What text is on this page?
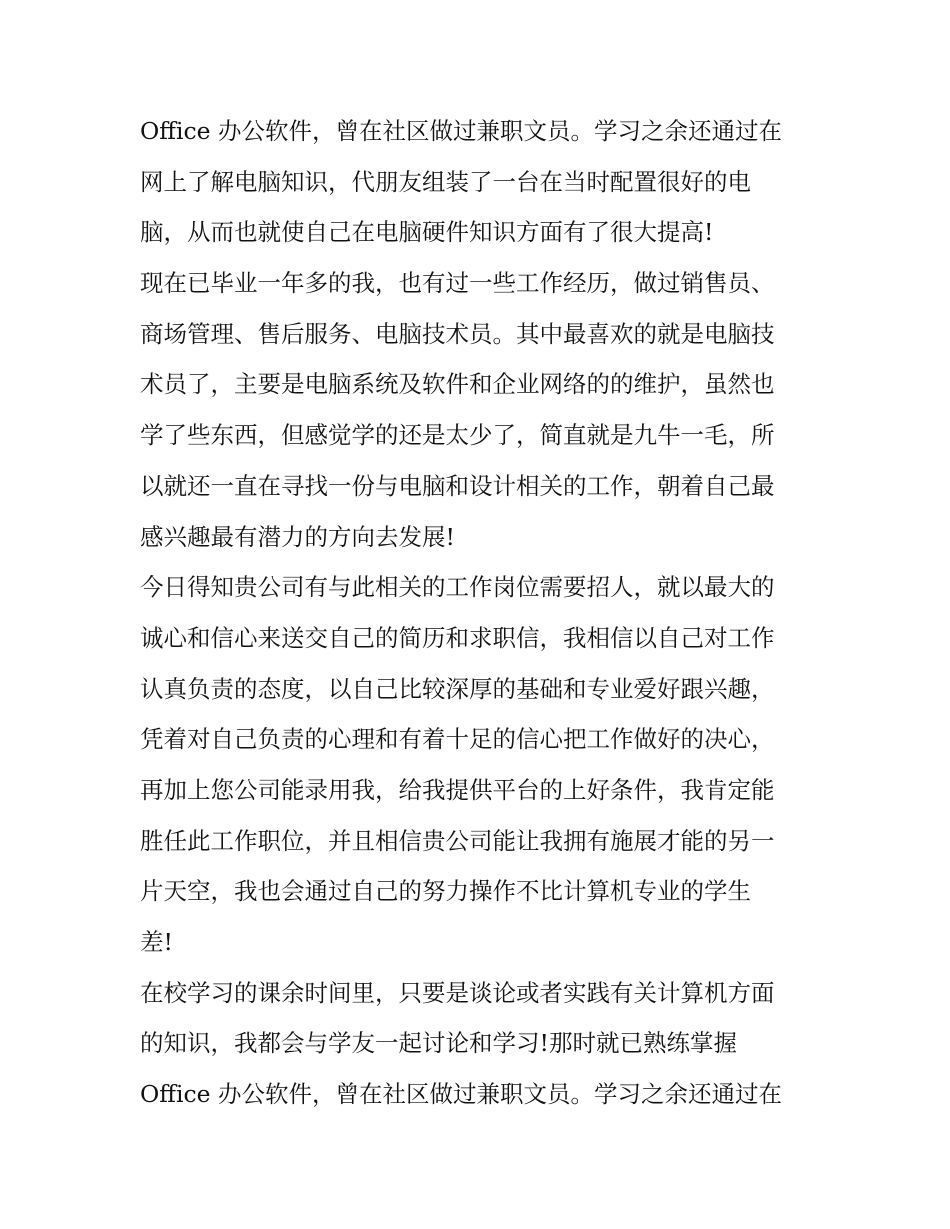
Office 办公软件，曾在社区做过兼职文员。学习之余还通过在
网上了解电脑知识，代朋友组装了一台在当时配置很好的电
脑，从而也就使自己在电脑硬件知识方面有了很大提高!
现在已毕业一年多的我，也有过一些工作经历，做过销售员、
商场管理、售后服务、电脑技术员。其中最喜欢的就是电脑技
术员了，主要是电脑系统及软件和企业网络的的维护，虽然也
学了些东西，但感觉学的还是太少了，简直就是九牛一毛，所
以就还一直在寻找一份与电脑和设计相关的工作，朝着自己最
感兴趣最有潜力的方向去发展!
今日得知贵公司有与此相关的工作岗位需要招人，就以最大的
诚心和信心来送交自己的简历和求职信，我相信以自己对工作
认真负责的态度，以自己比较深厚的基础和专业爱好跟兴趣，
凭着对自己负责的心理和有着十足的信心把工作做好的决心，
再加上您公司能录用我，给我提供平台的上好条件，我肯定能
胜任此工作职位，并且相信贵公司能让我拥有施展才能的另一
片天空，我也会通过自己的努力操作不比计算机专业的学生
差!
在校学习的课余时间里，只要是谈论或者实践有关计算机方面
的知识，我都会与学友一起讨论和学习!那时就已熟练掌握
Office 办公软件，曾在社区做过兼职文员。学习之余还通过在
